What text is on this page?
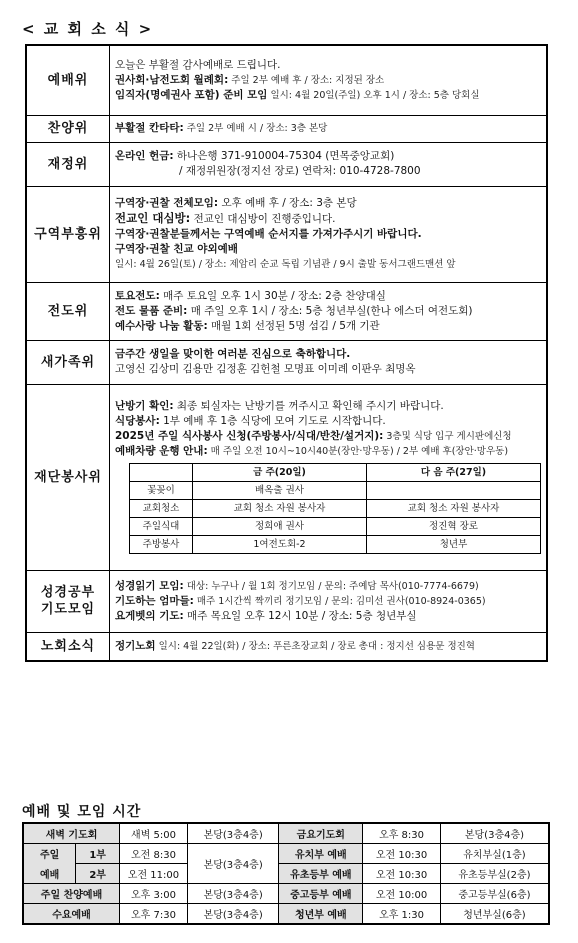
< 교 회 소 식 >
예배위	
오늘은 부활절 감사예배로 드립니다.
권사회·남전도회 월례회: 주일 2부 예배 후 / 장소: 지정된 장소
임직자(명예권사 포함) 준비 모임 일시: 4월 20일(주일) 오후 1시 / 장소: 5층 당회실

찬양위	부활절 칸타타: 주일 2부 예배 시 / 장소: 3층 본당

재정위	
온라인 헌금: 하나은행 371-910004-75304 (면목중앙교회)
/ 재정위원장(정지선 장로) 연락처: 010-4728-7800

구역부흥위	
구역장·권찰 전체모임: 오후 예배 후 / 장소: 3층 본당
전교인 대심방: 전교인 대심방이 진행중입니다.
구역장·권찰분들께서는 구역예배 순서지를 가져가주시기 바랍니다.
구역장·권찰 친교 야외예배
일시: 4월 26일(토) / 장소: 제암리 순교 독립 기념관 / 9시 출발 동서그랜드맨션 앞

전도위	
토요전도: 매주 토요일 오후 1시 30분 / 장소: 2층 찬양대실
전도 물품 준비: 매 주일 오후 1시 / 장소: 5층 청년부실(한나 에스더 여전도회)
예수사랑 나눔 활동: 매월 1회 선정된 5명 섬김 / 5개 기관

새가족위	
금주간 생일을 맞이한 여러분 진심으로 축하합니다.
고영신 김상미 김용만 김정훈 김헌철 모명표 이미례 이판우 최명옥

재단봉사위	
난방기 확인: 최종 퇴실자는 난방기를 꺼주시고 확인해 주시기 바랍니다.
식당봉사: 1부 예배 후 1층 식당에 모여 기도로 시작합니다.
2025년 주일 식사봉사 신청(주방봉사/식대/반찬/설거지): 3층및 식당 입구 게시판에신청
예배차량 운행 안내: 매 주일 오전 10시~10시40분(장안·망우동) / 2부 예배 후(장안·망우동)
	금 주(20일)	다 음 주(27일)
꽃꽂이	배옥출 권사	
교회청소	교회 청소 자원 봉사자	교회 청소 자원 봉사자
주일식대	정희애 권사	정진혁 장로
주방봉사	1여전도회-2	청년부

성경공부
기도모임

성경읽기 모임: 대상: 누구나 / 월 1회 정기모임 / 문의: 주예담 목사(010-7774-6679)
기도하는 엄마들: 매주 1시간씩 짝끼리 정기모임 / 문의: 김미선 권사(010-8924-0365)
요게벳의 기도: 매주 목요일 오후 12시 10분 / 장소: 5층 청년부실

노회소식	정기노회 일시: 4월 22일(화) / 장소: 푸른초장교회 / 장로 총대 : 정지선 심용문 정진혁
예배 및 모임 시간
새벽 기도회		새벽 5:00	본당(3층4층)	금요기도회	오후 8:30	본당(3층4층)
주일	1부	오전 8:30	본당(3층4층)	유치부 예배	오전 10:30	유치부실(1층)
예배	2부	오전 11:00		유초등부 예배	오전 10:30	유초등부실(2층)
주일 찬양예배		오후 3:00	본당(3층4층)	중고등부 예배	오전 10:00	중고등부실(6층)
수요예배		오후 7:30	본당(3층4층)	청년부 예배	오후 1:30	청년부실(6층)
